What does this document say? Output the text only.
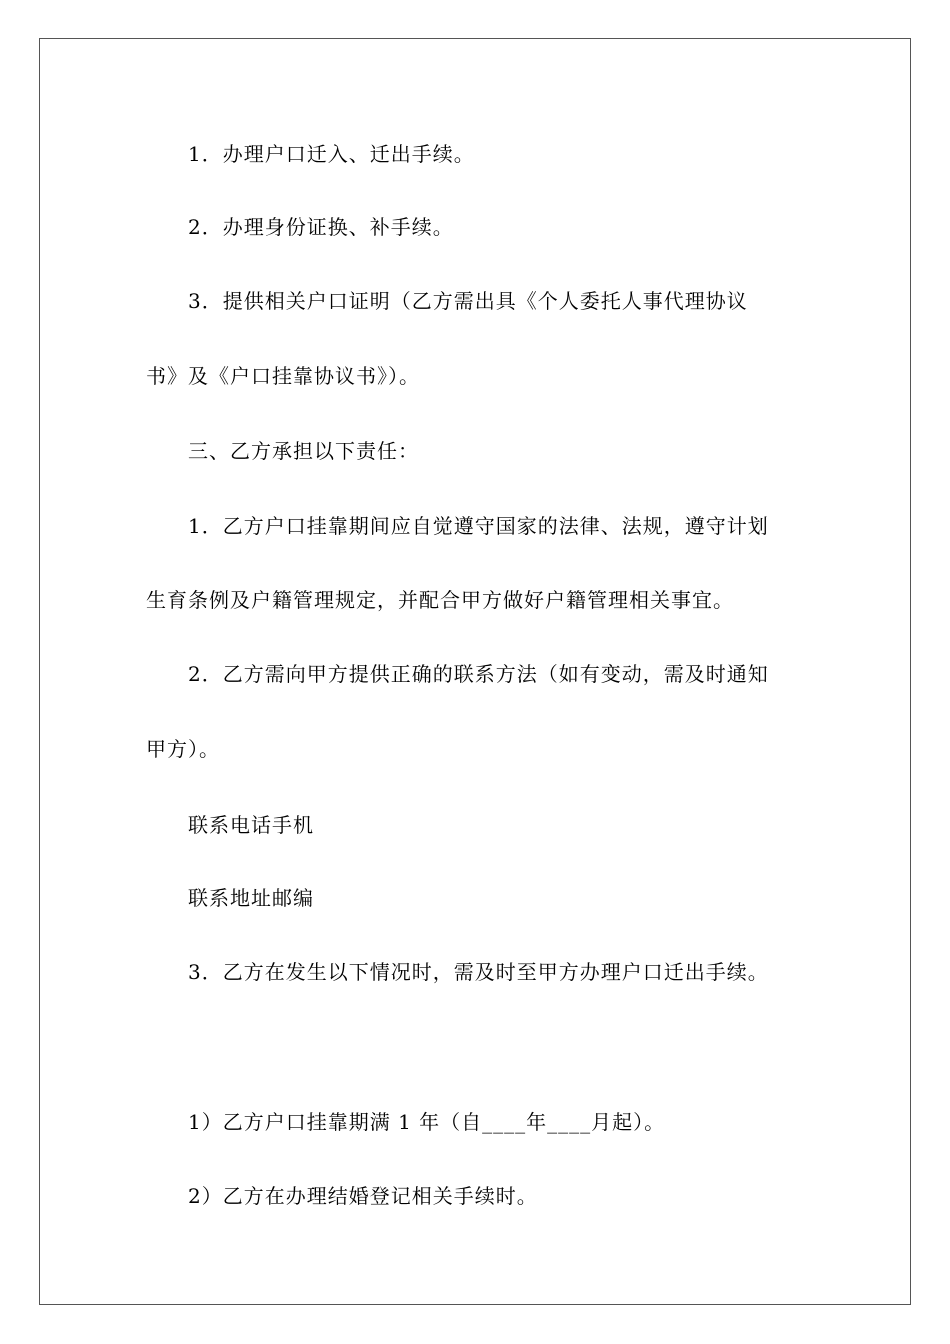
1．办理户口迁入、迁出手续。
2．办理身份证换、补手续。
3．提供相关户口证明（乙方需出具《个人委托人事代理协议
书》及《户口挂靠协议书》）。
三、乙方承担以下责任：
1．乙方户口挂靠期间应自觉遵守国家的法律、法规，遵守计划
生育条例及户籍管理规定，并配合甲方做好户籍管理相关事宜。
2．乙方需向甲方提供正确的联系方法（如有变动，需及时通知
甲方）。
联系电话手机
联系地址邮编
3．乙方在发生以下情况时，需及时至甲方办理户口迁出手续。
1）乙方户口挂靠期满 1 年（自____年____月起）。
2）乙方在办理结婚登记相关手续时。
